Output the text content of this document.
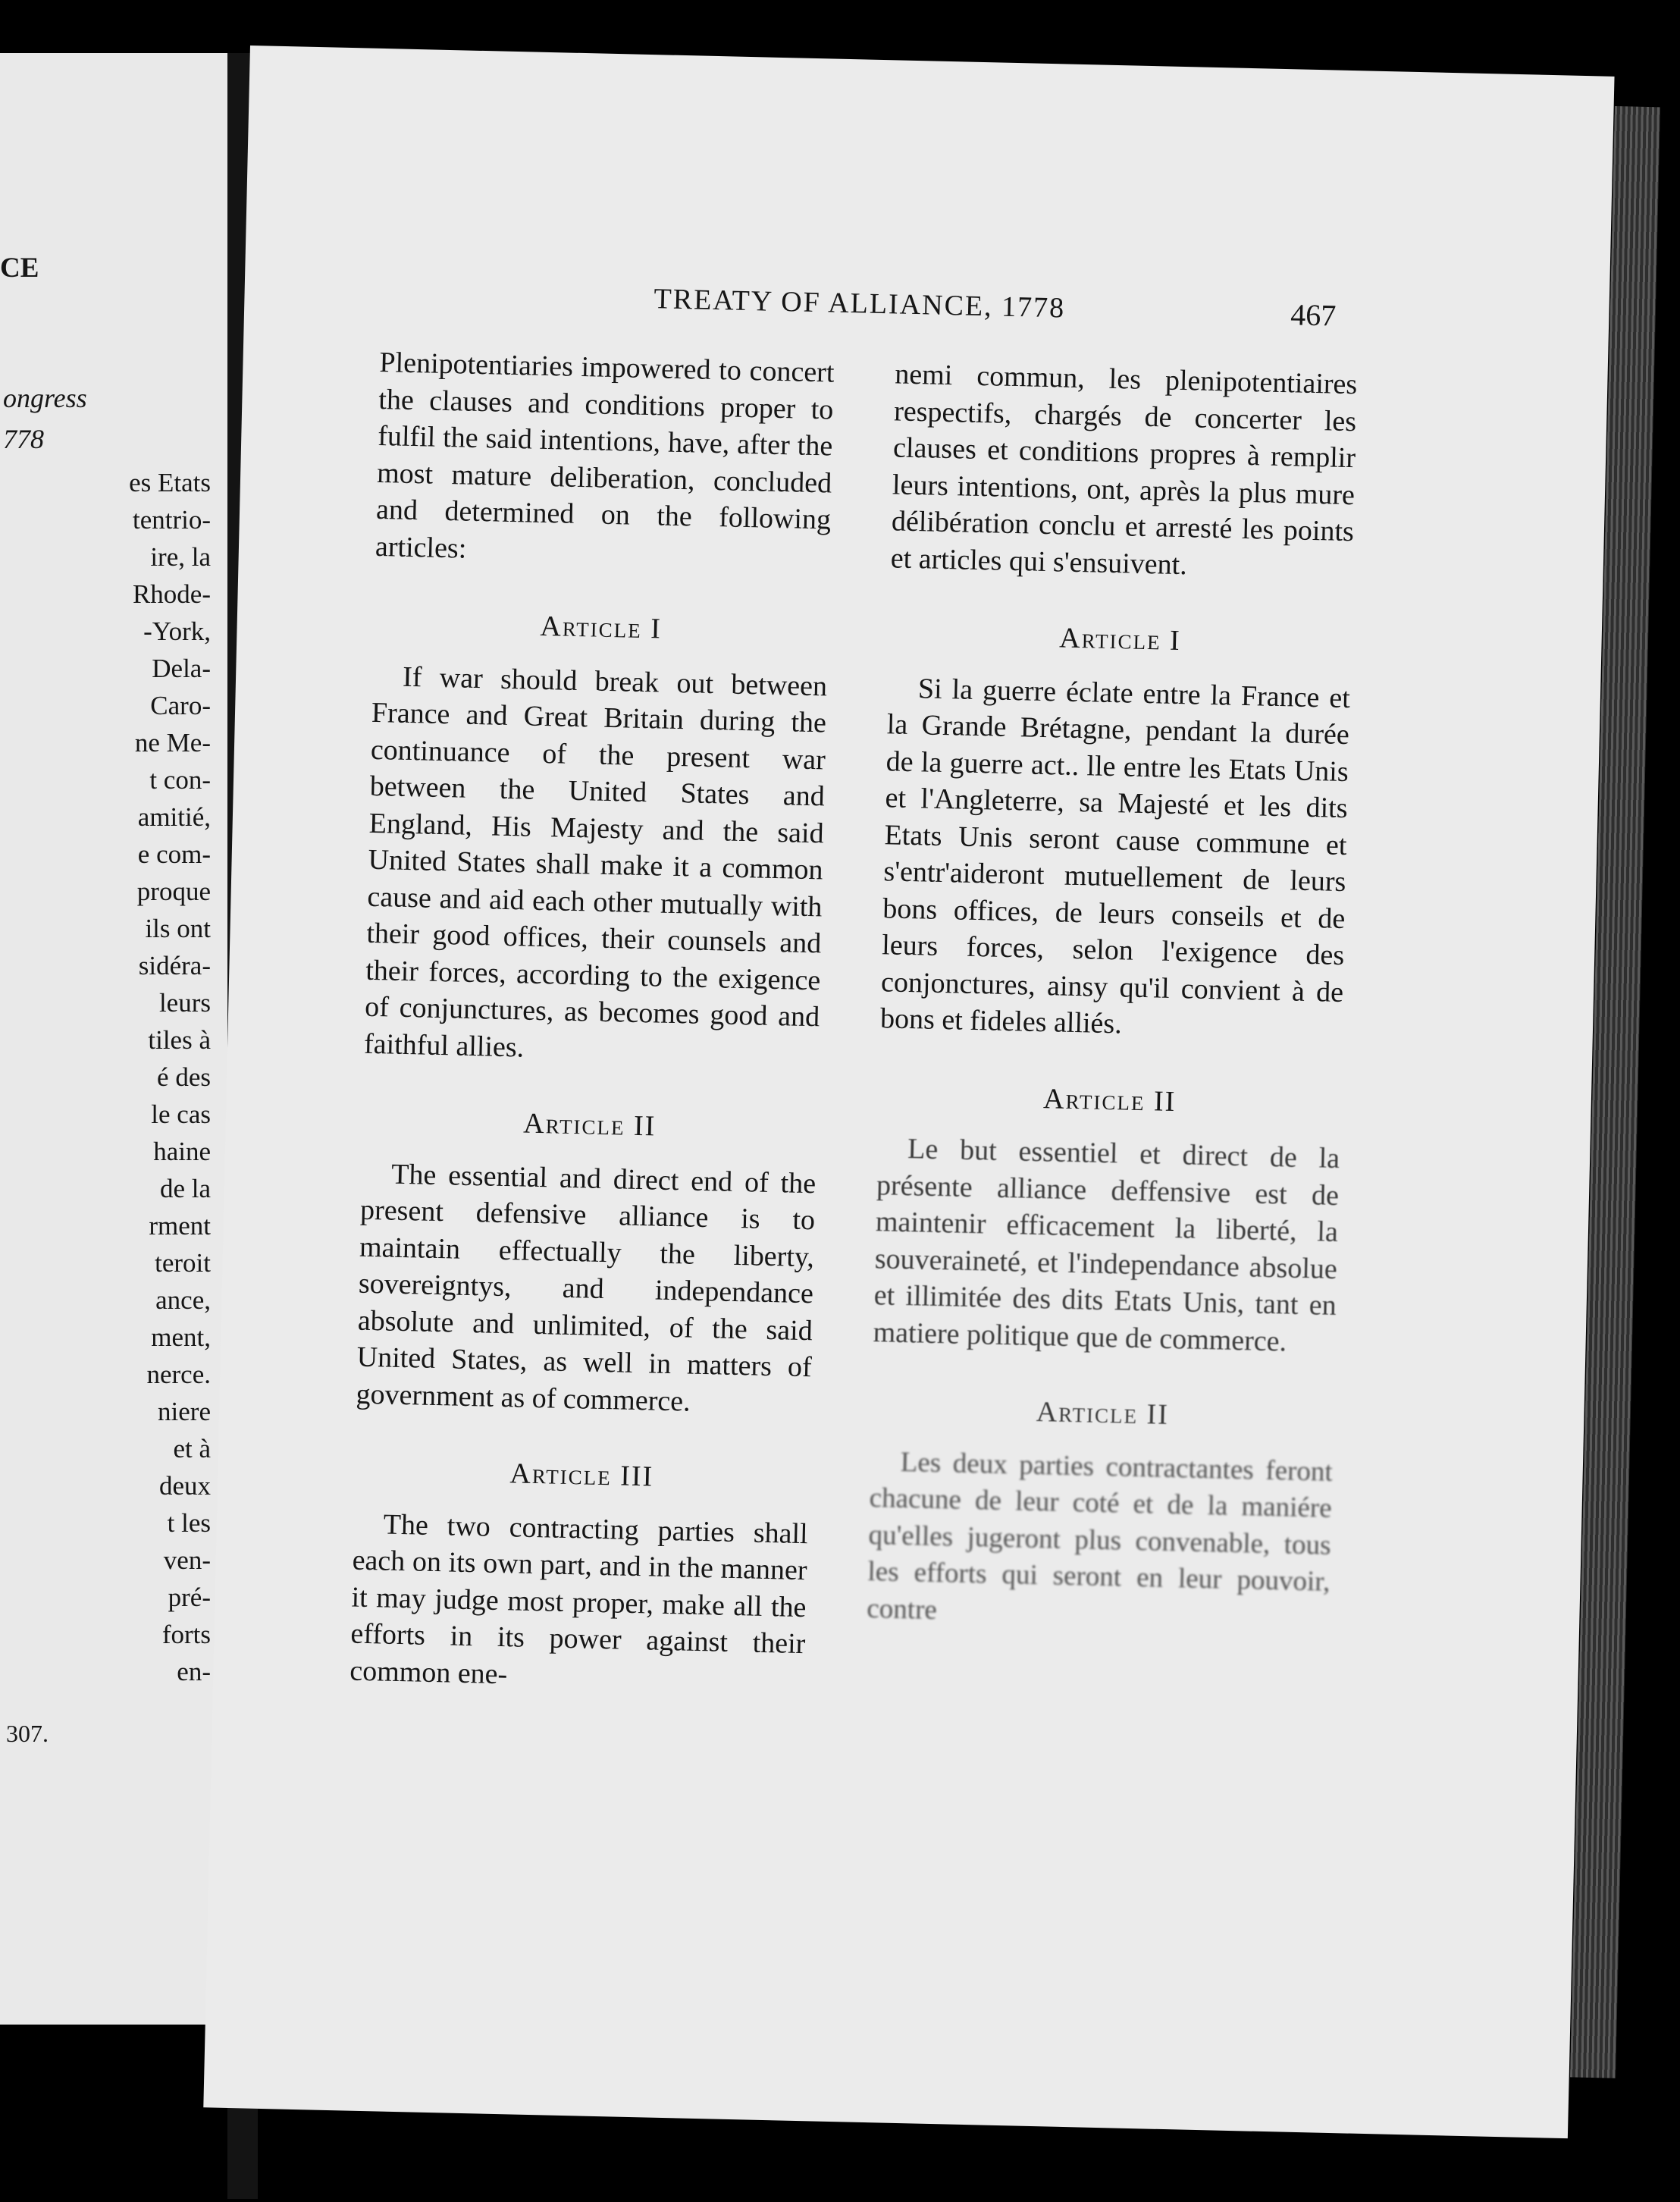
CE
ongress
778
es Etats
tentrio-
ire, la
Rhode-
-York,
Dela-
Caro-
ne Me-
t con-
amitié,
e com-
proque
ils ont
sidéra-
leurs
tiles à
é des
le cas
haine
de la
rment
teroit
ance,
ment,
nerce.
niere
et à
deux
t les
ven-
pré-
forts
en-
307.
TREATY OF ALLIANCE, 1778	467

Plenipotentiaries impowered to concert the clauses and conditions proper to fulfil the said intentions, have, after the most mature deliberation, concluded and determined on the following articles:

Article I

If war should break out between France and Great Britain during the continuance of the present war between the United States and England, His Majesty and the said United States shall make it a common cause and aid each other mutually with their good offices, their counsels and their forces, according to the exigence of conjunctures, as becomes good and faithful allies.

Article II

The essential and direct end of the present defensive alliance is to maintain effectually the liberty, sovereigntys, and independance absolute and unlimited, of the said United States, as well in matters of government as of commerce.

Article III

The two contracting parties shall each on its own part, and in the manner it may judge most proper, make all the efforts in its power against their common ene-

nemi commun, les plenipotentiaires respectifs, chargés de concerter les clauses et conditions propres à remplir leurs intentions, ont, après la plus mure délibération conclu et arresté les points et articles qui s'ensuivent.

Article I

Si la guerre éclate entre la France et la Grande Brétagne, pendant la durée de la guerre act.. lle entre les Etats Unis et l'Angleterre, sa Majesté et les dits Etats Unis seront cause commune et s'entr'aideront mutuellement de leurs bons offices, de leurs conseils et de leurs forces, selon l'exigence des conjonctures, ainsy qu'il convient à de bons et fideles alliés.

Article II

Le but essentiel et direct de la présente alliance deffensive est de maintenir efficacement la liberté, la souveraineté, et l'independance absolue et illimitée des dits Etats Unis, tant en matiere politique que de commerce.

Article II

Les deux parties contractantes feront chacune de leur coté et de la maniére qu'elles jugeront plus convenable, tous les efforts qui seront en leur pouvoir, contre
